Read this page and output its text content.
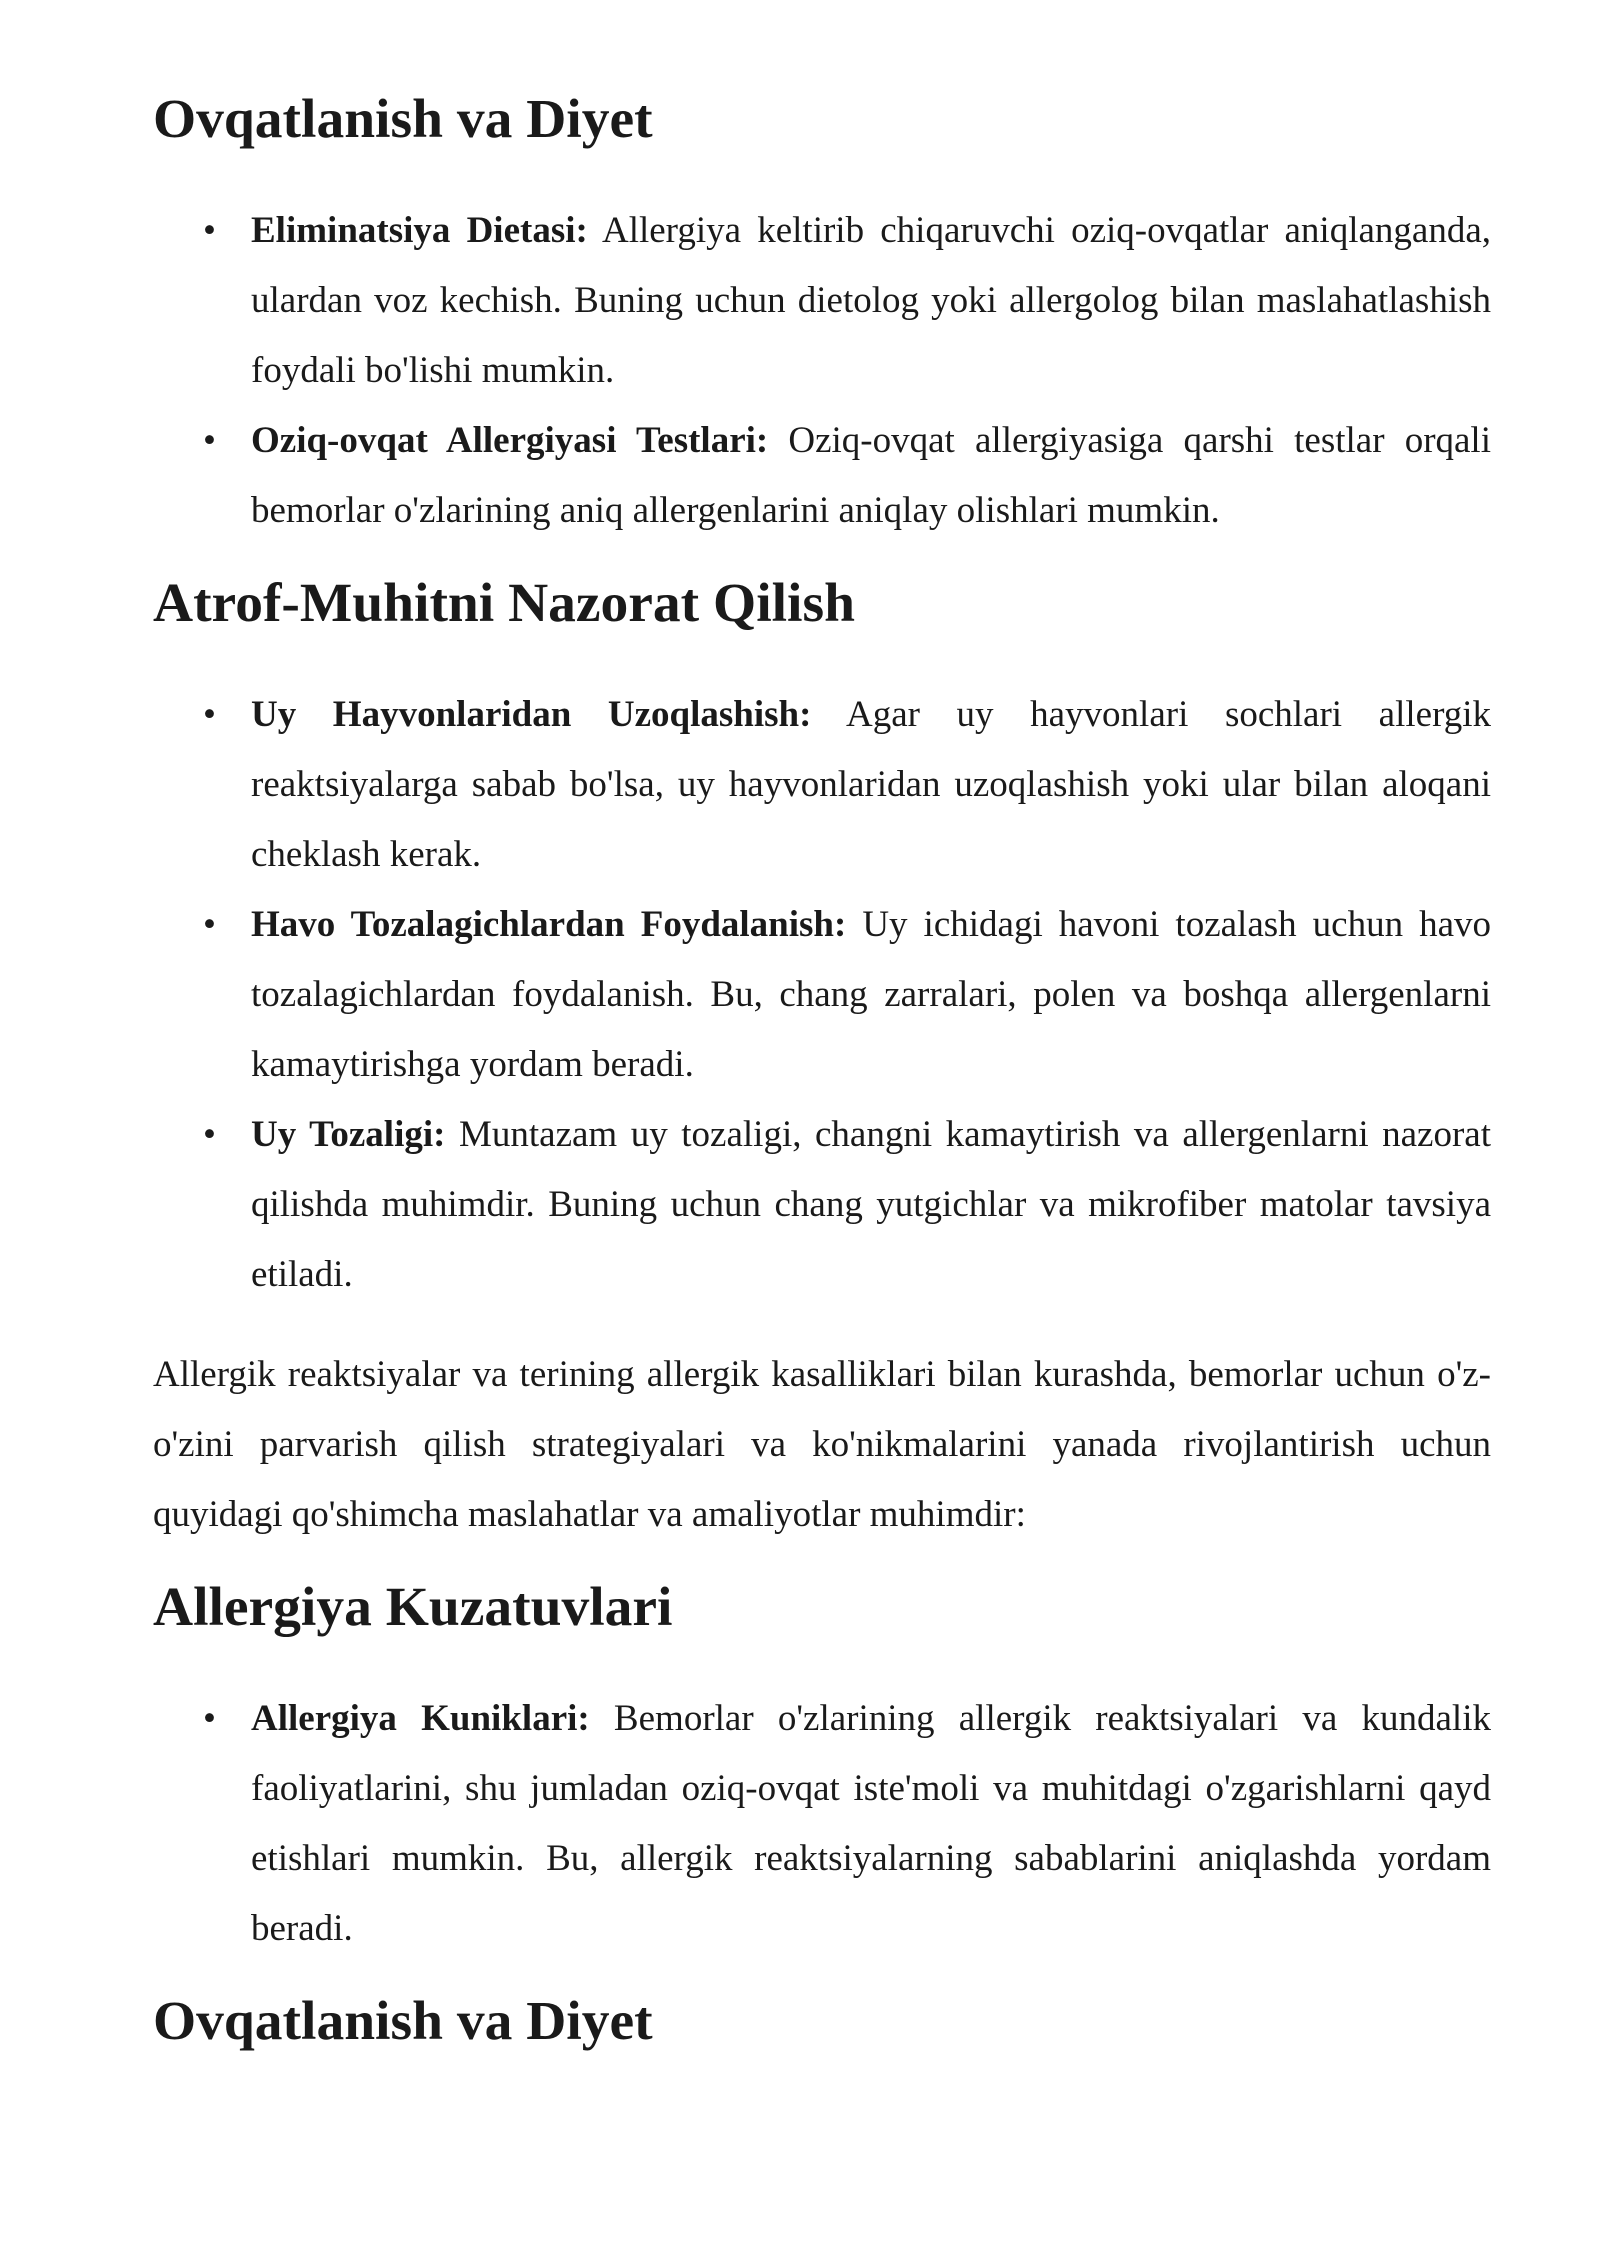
Ovqatlanish va Diyet
• Eliminatsiya Dietasi: Allergiya keltirib chiqaruvchi oziq-ovqatlar aniqlanganda, ulardan voz kechish. Buning uchun dietolog yoki allergolog bilan maslahatlashish foydali bo'lishi mumkin.
• Oziq-ovqat Allergiyasi Testlari: Oziq-ovqat allergiyasiga qarshi testlar orqali bemorlar o'zlarining aniq allergenlarini aniqlay olishlari mumkin.
Atrof-Muhitni Nazorat Qilish
• Uy Hayvonlaridan Uzoqlashish: Agar uy hayvonlari sochlari allergik reaktsiyalarga sabab bo'lsa, uy hayvonlaridan uzoqlashish yoki ular bilan aloqani cheklash kerak.
• Havo Tozalagichlardan Foydalanish: Uy ichidagi havoni tozalash uchun havo tozalagichlardan foydalanish. Bu, chang zarralari, polen va boshqa allergenlarni kamaytirishga yordam beradi.
• Uy Tozaligi: Muntazam uy tozaligi, changni kamaytirish va allergenlarni nazorat qilishda muhimdir. Buning uchun chang yutgichlar va mikrofiber matolar tavsiya etiladi.

Allergik reaktsiyalar va terining allergik kasalliklari bilan kurashda, bemorlar uchun o'z-o'zini parvarish qilish strategiyalari va ko'nikmalarini yanada rivojlantirish uchun quyidagi qo'shimcha maslahatlar va amaliyotlar muhimdir:

Allergiya Kuzatuvlari
• Allergiya Kuniklari: Bemorlar o'zlarining allergik reaktsiyalari va kundalik faoliyatlarini, shu jumladan oziq-ovqat iste'moli va muhitdagi o'zgarishlarni qayd etishlari mumkin. Bu, allergik reaktsiyalarning sabablarini aniqlashda yordam beradi.
Ovqatlanish va Diyet
